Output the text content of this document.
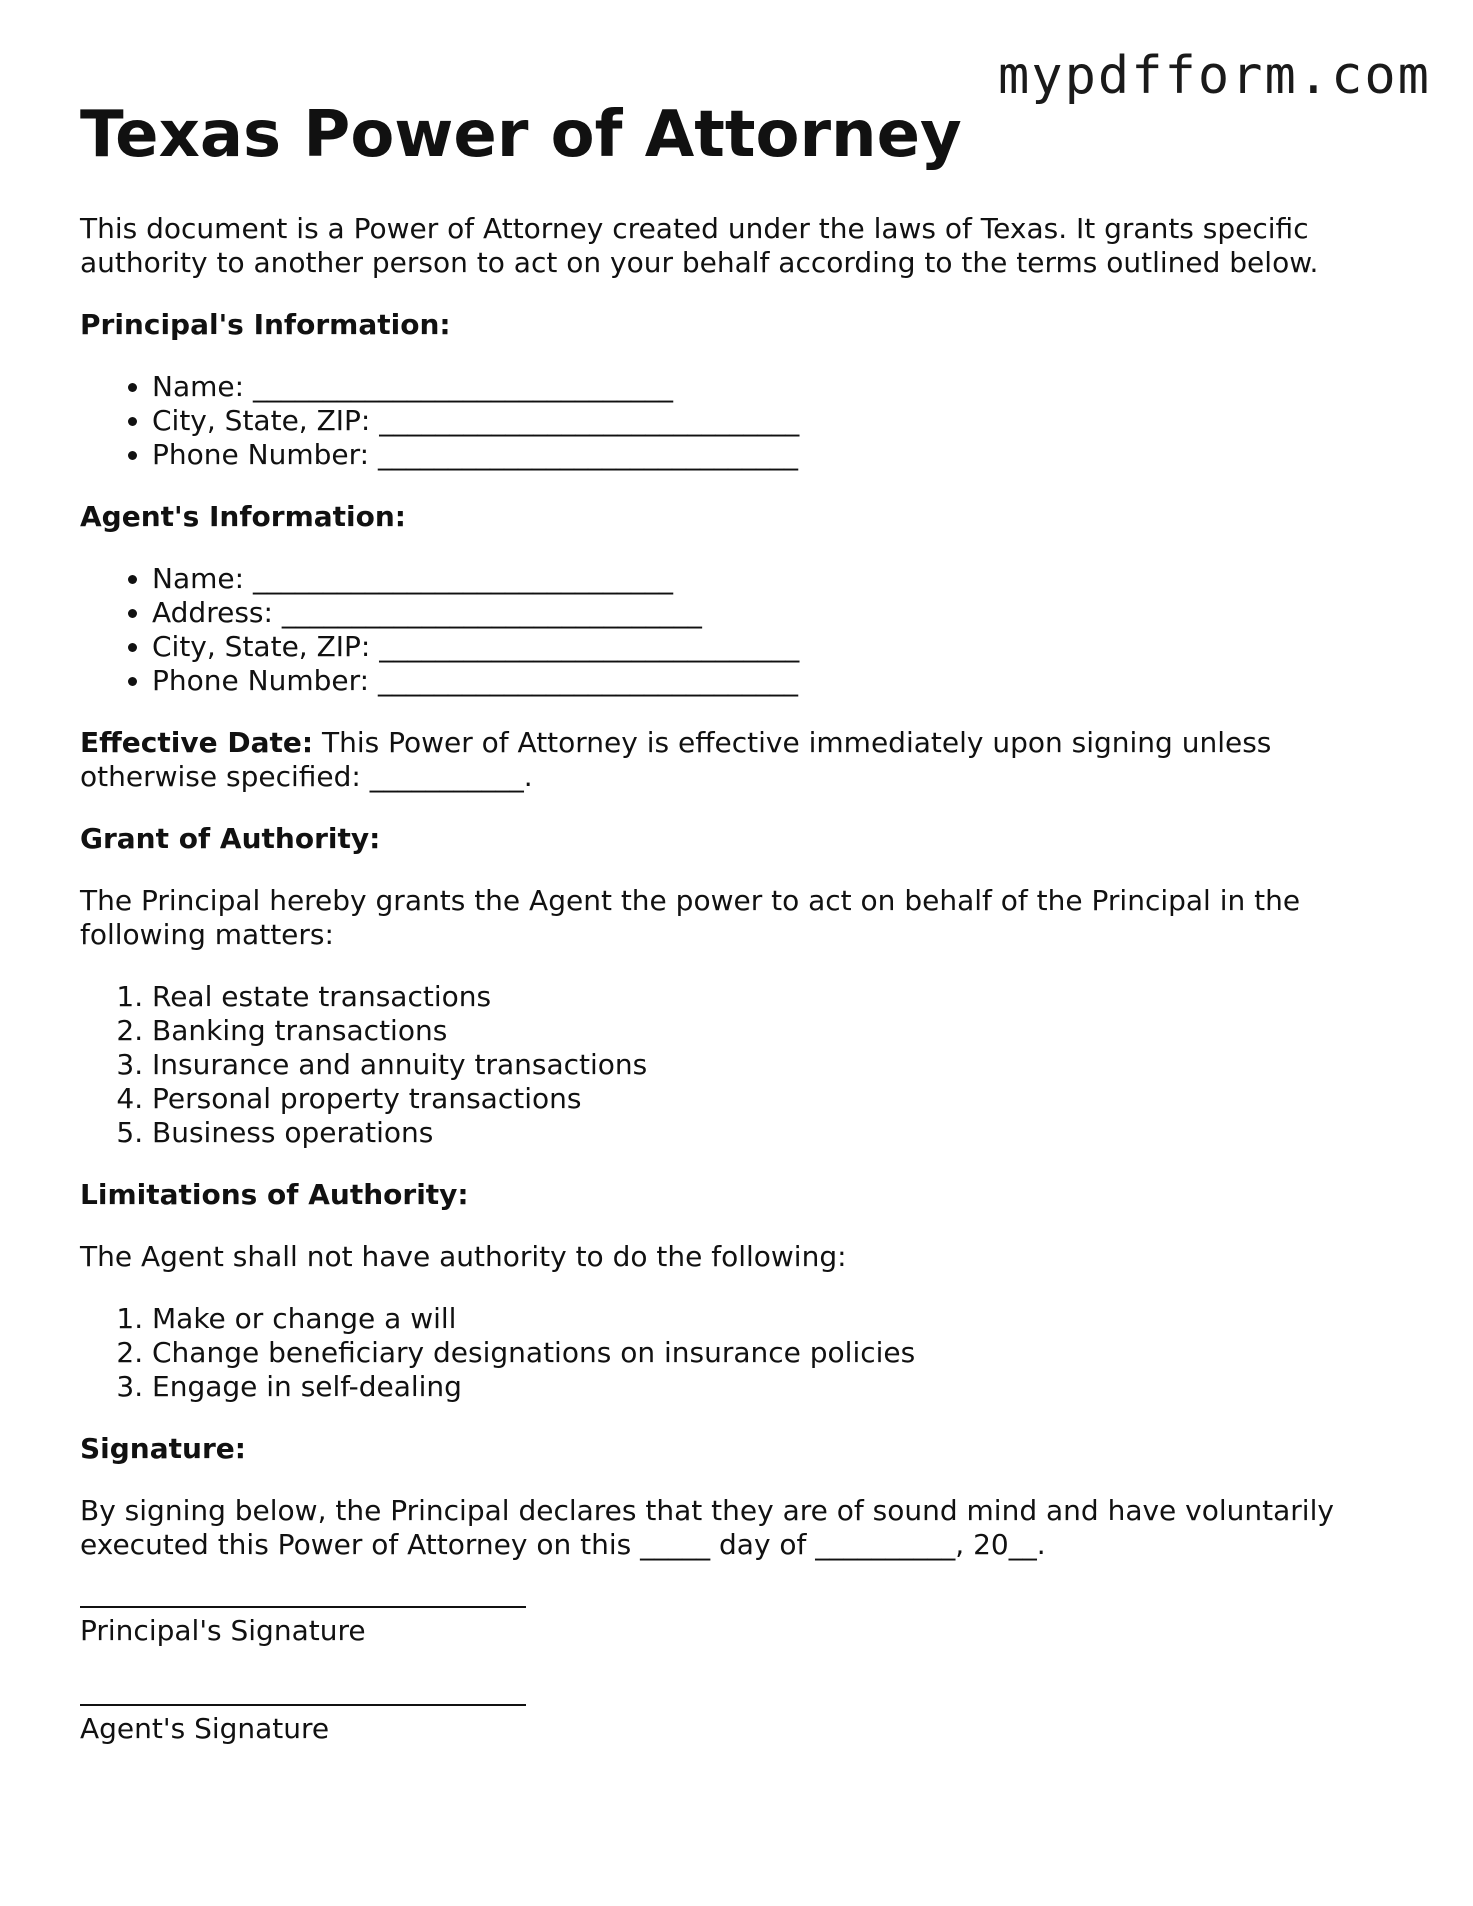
mypdfform.com
Texas Power of Attorney

This document is a Power of Attorney created under the laws of Texas. It grants specific authority to another person to act on your behalf according to the terms outlined below.

Principal's Information:
• Name: ______________________________
• City, State, ZIP: ______________________________
• Phone Number: ______________________________
Agent's Information:
• Name: ______________________________
• Address: ______________________________
• City, State, ZIP: ______________________________
• Phone Number: ______________________________

Effective Date: This Power of Attorney is effective immediately upon signing unless otherwise specified: ___________.

Grant of Authority:

The Principal hereby grants the Agent the power to act on behalf of the Principal in the following matters:

1. Real estate transactions
2. Banking transactions
3. Insurance and annuity transactions
4. Personal property transactions
5. Business operations
Limitations of Authority:

The Agent shall not have authority to do the following:

1. Make or change a will
2. Change beneficiary designations on insurance policies
3. Engage in self-dealing
Signature:

By signing below, the Principal declares that they are of sound mind and have voluntarily executed this Power of Attorney on this _____ day of __________, 20__.

Principal's Signature
Agent's Signature
